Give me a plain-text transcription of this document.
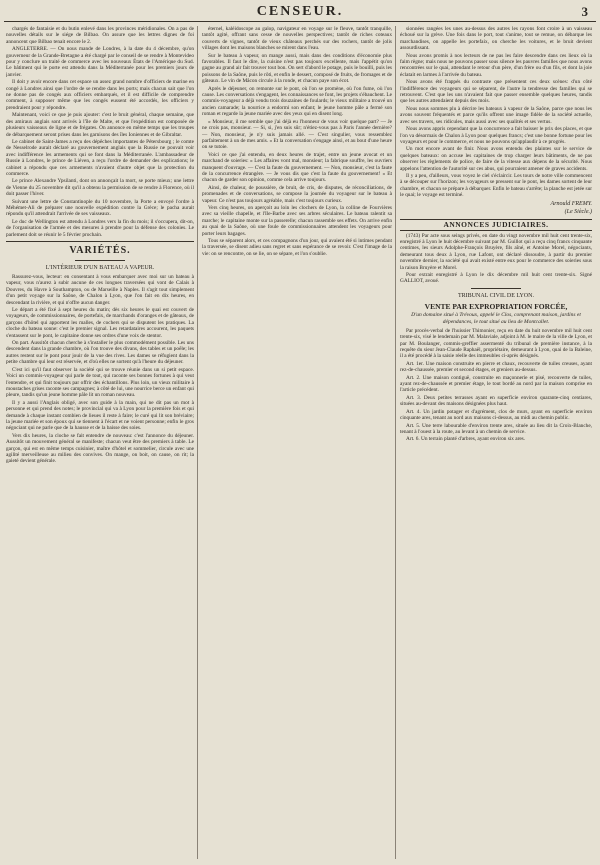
CENSEUR.	3

chargés de fantaisie et du butin enlevé dans les provinces méridionales. On a pas de nouvelles détails sur le siége de Bilbao. On assure que les lettres dignes de foi annoncent que Bilbao tenait encore le 2.

ANGLETERRE. — On nous mande de Londres, à la date du 4 décembre, qu'on gouverneur de la Grande-Bretagne a été chargé par le conseil de se rendre à Montevideo pour y conclure un traité de commerce avec les nouveaux États de l'Amérique du Sud. Le bâtiment qui le porte est attendu dans la Méditerranée pour les premiers jours de janvier.

Il doit y avoir encore dans cet espace un assez grand nombre d'officiers de marine en congé à Londres ainsi que l'ordre de se rendre dans les ports; mais chacun sait que l'on ne donne pas de congés aux officiers embarqués, et il est difficile de comprendre comment, à supposer même que les congés eussent été accordés, les officiers y prendraient pour y répondre.

Maintenant, voici ce que je puis ajouter: c'est le bruit général, chaque semaine, que des amiraux anglais sont arrivés à l'île de Malte, et que l'expédition est composée de plusieurs vaisseaux de ligne et de frégates. On annonce en même temps que les troupes de débarquement seront prises dans les garnisons des îles Ioniennes et de Gibraltar.

Le cabinet de Saint-James a reçu des dépêches importantes de Pétersbourg ; le comte de Nesselrode aurait déclaré au gouvernement anglais que la Russie ne pouvait voir avec indifférence les armements qui se font dans la Méditerranée. L'ambassadeur de Russie à Londres, le prince de Liéven, a reçu l'ordre de demander des explications; le cabinet a répondu que ces armements n'avaient d'autre objet que la protection du commerce.

Le prince Alexandre Ypsilanti, dont on annonçait la mort, se porte mieux; une lettre de Vienne du 25 novembre dit qu'il a obtenu la permission de se rendre à Florence, où il doit passer l'hiver.

Suivant une lettre de Constantinople du 10 novembre, la Porte a envoyé l'ordre à Méhémet-Ali de préparer une nouvelle expédition contre la Grèce; le pacha aurait répondu qu'il attendrait l'arrivée de ses vaisseaux.

Le duc de Wellington est attendu à Londres vers la fin du mois; il s'occupera, dit-on, de l'organisation de l'armée et des mesures à prendre pour la défense des colonies. Le parlement doit se réunir le 5 février prochain.

VARIÉTÉS.
L'INTÉRIEUR D'UN BATEAU A VAPEUR.

Rassurez-vous, lecteur: en consentant à vous embarquer avec moi sur un bateau à vapeur, vous n'aurez à subir aucune de ces longues traversées qui vont de Calais à Douvres, du Havre à Southampton, ou de Marseille à Naples. Il s'agit tout simplement d'un petit voyage sur la Saône, de Chalon à Lyon, que l'on fait en dix heures, en descendant la rivière, et qui n'offre aucun danger.

Le départ a été fixé à sept heures du matin; dès six heures le quai est couvert de voyageurs, de commissionnaires, de portefaix, de marchands d'oranges et de gâteaux, de garçons d'hôtel qui apportent les malles, de cochers qui se disputent les pratiques. La cloche du bateau sonne: c'est le premier signal. Les retardataires accourent, les paquets s'entassent sur le pont, le capitaine donne ses ordres d'une voix de stentor.

On part. Aussitôt chacun cherche à s'installer le plus commodément possible. Les uns descendent dans la grande chambre, où l'on trouve des divans, des tables et un poêle; les autres restent sur le pont pour jouir de la vue des rives. Les dames se réfugient dans la petite chambre qui leur est réservée, et d'où elles ne sortent qu'à l'heure du déjeuner.

C'est ici qu'il faut observer la société qui se trouve réunie dans un si petit espace. Voici un commis-voyageur qui parle de tout, qui raconte ses bonnes fortunes à qui veut l'entendre, et qui finit toujours par offrir des échantillons. Plus loin, un vieux militaire à moustaches grises raconte ses campagnes; à côté de lui, une nourrice berce un enfant qui pleure, tandis qu'un jeune homme pâle lit un roman nouveau.

Il y a aussi l'Anglais obligé, avec son guide à la main, qui ne dit pas un mot à personne et qui prend des notes; le provincial qui va à Lyon pour la première fois et qui demande à chaque instant combien de lieues il reste à faire; le curé qui lit son bréviaire; la jeune mariée et son époux qui se tiennent à l'écart et ne voient personne; enfin le gros négociant qui ne parle que de la hausse et de la baisse des soies.

Vers dix heures, la cloche se fait entendre de nouveau: c'est l'annonce du déjeuner. Aussitôt un mouvement général se manifeste; chacun veut être des premiers à table. Le garçon, qui est en même temps cuisinier, maître d'hôtel et sommelier, circule avec une agilité merveilleuse au milieu des convives. On mange, on boit, on cause, on rit; la gaieté devient générale.

éternel, kaléidoscope au galop, navigateur en voyage sur le fleuve, tantôt tranquille, tantôt agité, offrant sans cesse de nouvelles perspectives; tantôt de riches coteaux couverts de vignes, tantôt de vieux châteaux perchés sur des rochers, tantôt de jolis villages dont les maisons blanches se mirent dans l'eau.

Sur le bateau à vapeur, on mange aussi, mais dans des conditions d'économie plus favorables. Il faut le dire, la cuisine n'est pas toujours excellente, mais l'appétit qu'on gagne au grand air fait trouver tout bon. On sert d'abord le potage, puis le bouilli, puis les poissons de la Saône, puis le rôti, et enfin le dessert, composé de fruits, de fromages et de gâteaux. Le vin de Mâcon circule à la ronde, et chacun paye son écot.

Après le déjeuner, on remonte sur le pont, où l'on se promène, où l'on fume, où l'on cause. Les conversations s'engagent, les connaissances se font, les projets s'ébauchent. Le commis-voyageur a déjà vendu trois douzaines de foulards; le vieux militaire a trouvé un ancien camarade; la nourrice a endormi son enfant; le jeune homme pâle a fermé son roman et regarde la jeune mariée avec des yeux qui en disent long.

« Monsieur, il me semble que j'ai déjà eu l'honneur de vous voir quelque part? — Je ne crois pas, monsieur. — Si, si, j'en suis sûr; n'étiez-vous pas à Paris l'année dernière? — Non, monsieur, je n'y suis jamais allé. — C'est singulier, vous ressemblez parfaitement à un de mes amis. » Et la conversation s'engage ainsi, et au bout d'une heure on se tutoie.

Voici ce que j'ai entendu, en deux heures de trajet, entre un jeune avocat et un marchand de soieries: « Les affaires vont mal, monsieur; la fabrique souffre, les ouvriers manquent d'ouvrage. — C'est la faute du gouvernement. — Non, monsieur, c'est la faute de la concurrence étrangère. — Je vous dis que c'est la faute du gouvernement! » Et chacun de garder son opinion, comme cela arrive toujours.

Ainsi, de chaleur, de poussière, de bruit, de cris, de disputes, de réconciliations, de promenades et de conversations, se compose la journée du voyageur sur le bateau à vapeur. Ce n'est pas toujours agréable, mais c'est toujours curieux.

Vers cinq heures, on aperçoit au loin les clochers de Lyon, la colline de Fourvières avec sa vieille chapelle, et l'Ile-Barbe avec ses arbres séculaires. Le bateau ralentit sa marche; le capitaine monte sur la passerelle; chacun rassemble ses effets. On arrive enfin au quai de la Saône, où une foule de commissionnaires attendent les voyageurs pour porter leurs bagages.

Tous se séparent alors, et ces compagnons d'un jour, qui avaient été si intimes pendant la traversée, se disent adieu sans regret et sans espérance de se revoir. C'est l'image de la vie: on se rencontre, on se lie, on se sépare, et l'on s'oublie.

sionnées rangées les unes au-dessus des autres les rayons font croire à un vaisseau échoué sur la grève. Une fois dans le port, tout s'anime, tout se remue, on débarque les marchandises, on appelle les portefaix, on cherche les voitures, et le bruit devient assourdissant.

Nous avons promis à nos lecteurs de ne pas les faire descendre dans ces lieux où la faim règne; mais nous ne pouvons passer sous silence les pauvres familles que nous avons rencontrées sur le quai, attendant le retour d'un père, d'un frère ou d'un fils, et dont la joie éclatait en larmes à l'arrivée du bateau.

Nous avons été frappés du contraste que présentent ces deux scènes: d'un côté l'indifférence des voyageurs qui se séparent, de l'autre la tendresse des familles qui se retrouvent. C'est que les uns n'avaient fait que passer ensemble quelques heures, tandis que les autres attendaient depuis des mois.

Nous nous sommes plu à décrire les bateaux à vapeur de la Saône, parce que nous les avons souvent fréquentés et parce qu'ils offrent une image fidèle de la société actuelle, avec ses travers, ses ridicules, mais aussi avec ses qualités et ses vertus.

Nous avons appris cependant que la concurrence a fait baisser le prix des places, et que l'on va désormais de Chalon à Lyon pour quelques francs; c'est une bonne fortune pour les voyageurs et pour le commerce, et nous ne pouvons qu'applaudir à ce progrès.

Un mot encore avant de finir. Nous avons entendu des plaintes sur le service de quelques bateaux: on accuse les capitaines de trop charger leurs bâtiments, de ne pas observer les règlements de police, de faire de la vitesse aux dépens de la sécurité. Nous appelons l'attention de l'autorité sur ces abus, qui pourraient amener de graves accidents.

Il y a peu, d'ailleurs, vous voyez le ciel s'éclaircir. Les tours de notre ville commencent à se découper sur l'horizon; les voyageurs se pressent sur le pont, les dames sortent de leur chambre, et chacun se prépare à débarquer. Enfin le bateau s'arrête; la planche est jetée sur le quai; le voyage est terminé.

Arnould FREMY.
(Le Siècle.)
ANNONCES JUDICIAIRES.

(1743) Par acte sous seings privés, en date du vingt novembre mil huit cent trente-six, enregistré à Lyon le huit décembre suivant par M. Guillot qui a reçu cinq francs cinquante centimes, les sieurs Adolphe-François Bruyère, fils aîné, et Antoine Morel, négociants, demeurant tous deux à Lyon, rue Lafont, ont déclaré dissoudre, à partir du premier novembre dernier, la société qui avait existé entre eux pour le commerce des soieries sous la raison Bruyère et Morel.

Pour extrait enregistré à Lyon le dix décembre mil huit cent trente-six. Signé GALLIOT, avoué.

TRIBUNAL CIVIL DE LYON.
VENTE PAR EXPROPRIATION FORCÉE,
D'un domaine situé à Trévoux, appelé le Clos, comprenant maison, jardins et dépendances, le tout situé au lieu de Montcallet.

Par procès-verbal de l'huissier Thimonier, reçu en date du huit novembre mil huit cent trente-six, visé le lendemain par M. Malaviale, adjoint à M. le maire de la ville de Lyon, et par M. Boulanger, commis-greffier assermenté du tribunal de première instance, à la requête du sieur Jean-Claude Raphaël, propriétaire, demeurant à Lyon, quai de la Baleine, il a été procédé à la saisie réelle des immeubles ci-après désignés.

Art. 1er. Une maison construite en pierre et chaux, recouverte de tuiles creuses, ayant rez-de-chaussée, premier et second étages, et greniers au-dessus.

Art. 2. Une maison contiguë, construite en maçonnerie et pisé, recouverte de tuiles, ayant rez-de-chaussée et premier étage, le tout bordé au nord par la maison comprise en l'article précédent.

Art. 3. Deux petites terrasses ayant en superficie environ quarante-cinq centiares, situées au-devant des maisons désignées plus haut.

Art. 4. Un jardin potager et d'agrément, clos de murs, ayant en superficie environ cinquante ares, tenant au nord aux maisons ci-dessus, au midi au chemin public.

Art. 5. Une terre labourable d'environ trente ares, située au lieu dit la Croix-Blanche, tenant à l'ouest à la route, au levant à un chemin de service.

Art. 6. Un terrain planté d'arbres, ayant environ six ares.
